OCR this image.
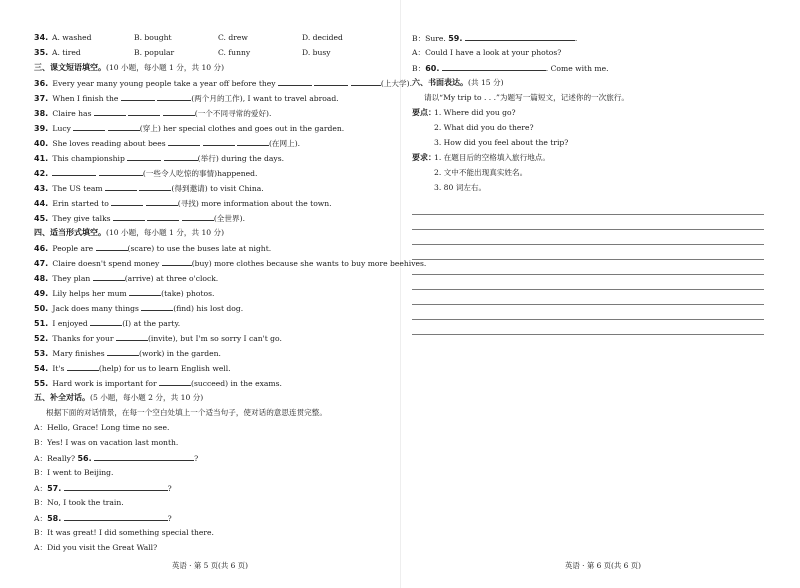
34. A. washed	B. bought	C. drew	D. decided
35. A. tired	B. popular	C. funny	D. busy
三、课文短语填空。(10 小题，每小题 1 分，共 10 分)
36. Every year many young people take a year off before they	(上大学).
37. When I finish the	(两个月的工作), I want to travel abroad.
38. Claire has	(一个不同寻常的爱好).
39. Lucy	(穿上) her special clothes and goes out in the garden.
40. She loves reading about bees	(在网上).
41. This championship	(举行) during the days.
42.	(一些令人吃惊的事情)happened.
43. The US team	(得到邀请) to visit China.
44. Erin started to	(寻找) more information about the town.
45. They give talks	(全世界).
四、适当形式填空。(10 小题，每小题 1 分，共 10 分)
46. People are	(scare) to use the buses late at night.
47. Claire doesn't spend money	(buy) more clothes because she wants to buy more beehives.
48. They plan	(arrive) at three o'clock.
49. Lily helps her mum	(take) photos.
50. Jack does many things	(find) his lost dog.
51. I enjoyed	(I) at the party.
52. Thanks for your	(invite), but I'm so sorry I can't go.
53. Mary finishes	(work) in the garden.
54. It's	(help) for us to learn English well.
55. Hard work is important for	(succeed) in the exams.
五、补全对话。(5 小题，每小题 2 分，共 10 分)
根据下面的对话情景，在每一个空白处填上一个适当句子，使对话的意思连贯完整。
A：Hello, Grace! Long time no see.
B：Yes! I was on vacation last month.
A：Really? 56.	?
B：I went to Beijing.
A：57.	?
B：No, I took the train.
A：58.	?
B：It was great! I did something special there.
A：Did you visit the Great Wall?
英语 · 第 5 页(共 6 页)
B：Sure. 59.	.
A：Could I have a look at your photos?
B：60.	. Come with me.
六、书面表达。(共 15 分)
请以“My trip to . . .”为题写一篇短文，记述你的一次旅行。
要点：
1. Where did you go?
2. What did you do there?
3. How did you feel about the trip?
要求：
1. 在题目后的空格填入旅行地点。
2. 文中不能出现真实姓名。
3. 80 词左右。
英语 · 第 6 页(共 6 页)
